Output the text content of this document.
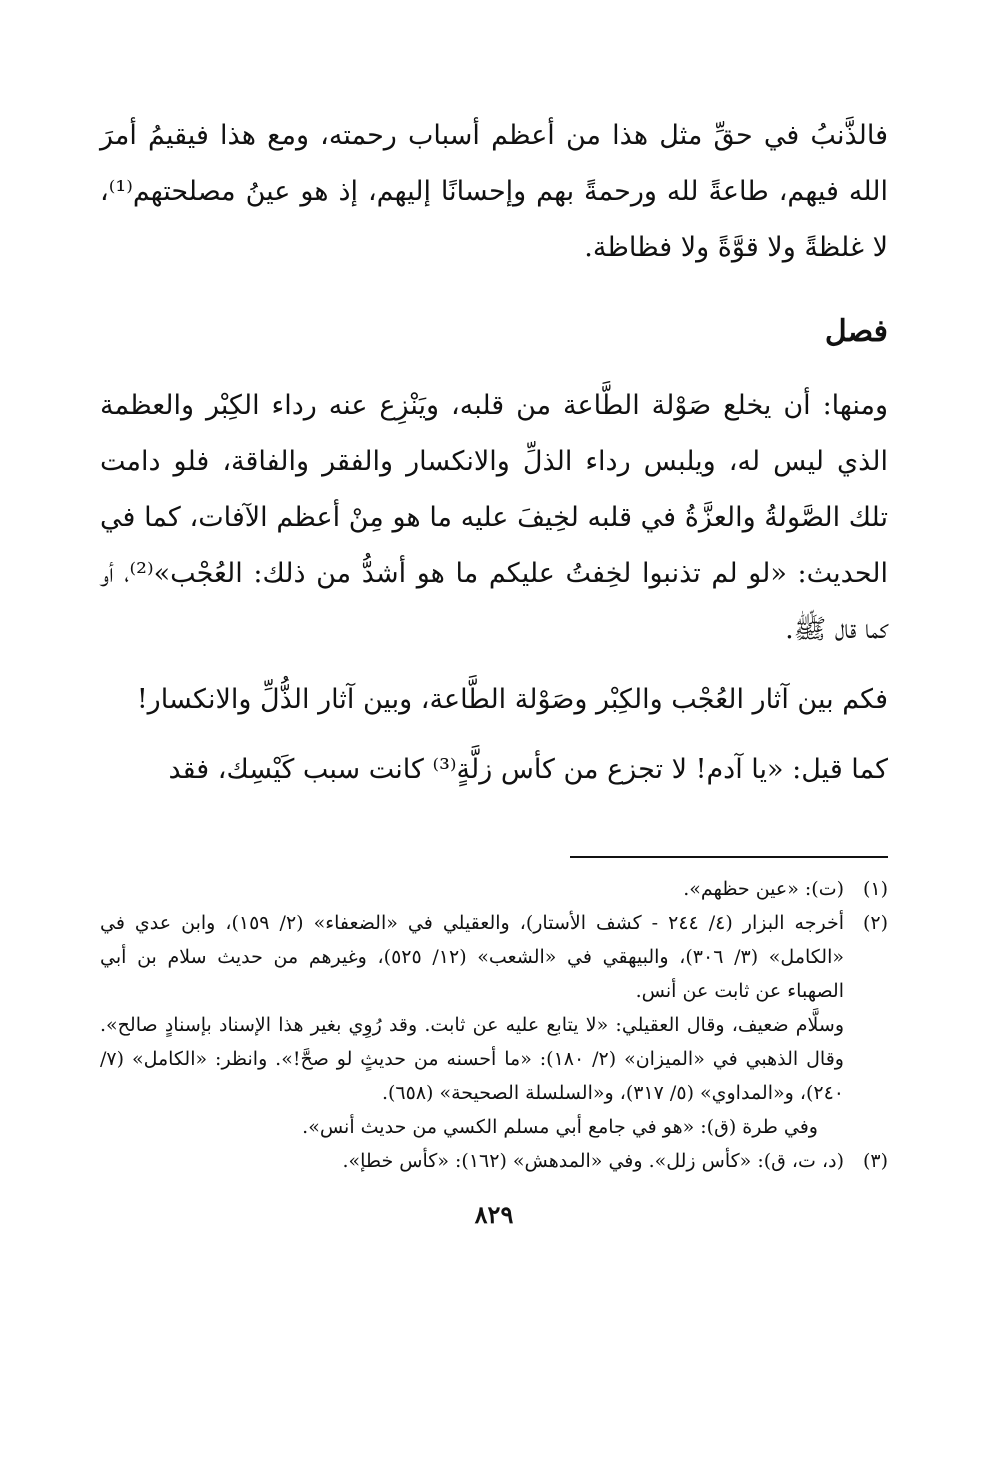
فالذَّنبُ في حقِّ مثل هذا من أعظم أسباب رحمته، ومع هذا فيقيمُ أمرَ الله فيهم، طاعةً لله ورحمةً بهم وإحسانًا إليهم، إذ هو عينُ مصلحتهم⁽¹⁾، لا غلظةً ولا قوَّةً ولا فظاظة.

فصل

ومنها: أن يخلع صَوْلة الطَّاعة من قلبه، ويَنْزِع عنه رداء الكِبْر والعظمة الذي ليس له، ويلبس رداء الذلِّ والانكسار والفقر والفاقة، فلو دامت تلك الصَّولةُ والعزَّةُ في قلبه لخِيفَ عليه ما هو مِنْ أعظم الآفات، كما في الحديث: «لو لم تذنبوا لخِفتُ عليكم ما هو أشدُّ من ذلك: العُجْب»⁽²⁾، أو كما قال ﷺ.

فكم بين آثار العُجْب والكِبْر وصَوْلة الطَّاعة، وبين آثار الذُّلِّ والانكسار!

كما قيل: «يا آدم! لا تجزع من كأس زلَّةٍ⁽³⁾ كانت سبب كَيْسِك، فقد

(١)

(ت): «عين حظهم».

(٢)

أخرجه البزار (٤/ ٢٤٤ - كشف الأستار)، والعقيلي في «الضعفاء» (٢/ ١٥٩)، وابن عدي في «الكامل» (٣/ ٣٠٦)، والبيهقي في «الشعب» (١٢/ ٥٢٥)، وغيرهم من حديث سلام بن أبي الصهباء عن ثابت عن أنس.

وسلَّام ضعيف، وقال العقيلي: «لا يتابع عليه عن ثابت. وقد رُوِي بغير هذا الإسناد بإسنادٍ صالح». وقال الذهبي في «الميزان» (٢/ ١٨٠): «ما أحسنه من حديثٍ لو صحَّ!». وانظر: «الكامل» (٧/ ٢٤٠)، و«المداوي» (٥/ ٣١٧)، و«السلسلة الصحيحة» (٦٥٨).

وفي طرة (ق): «هو في جامع أبي مسلم الكسي من حديث أنس».

(٣)

(د، ت، ق): «كأس زلل». وفي «المدهش» (١٦٢): «كأس خطإ».

٨٢٩
